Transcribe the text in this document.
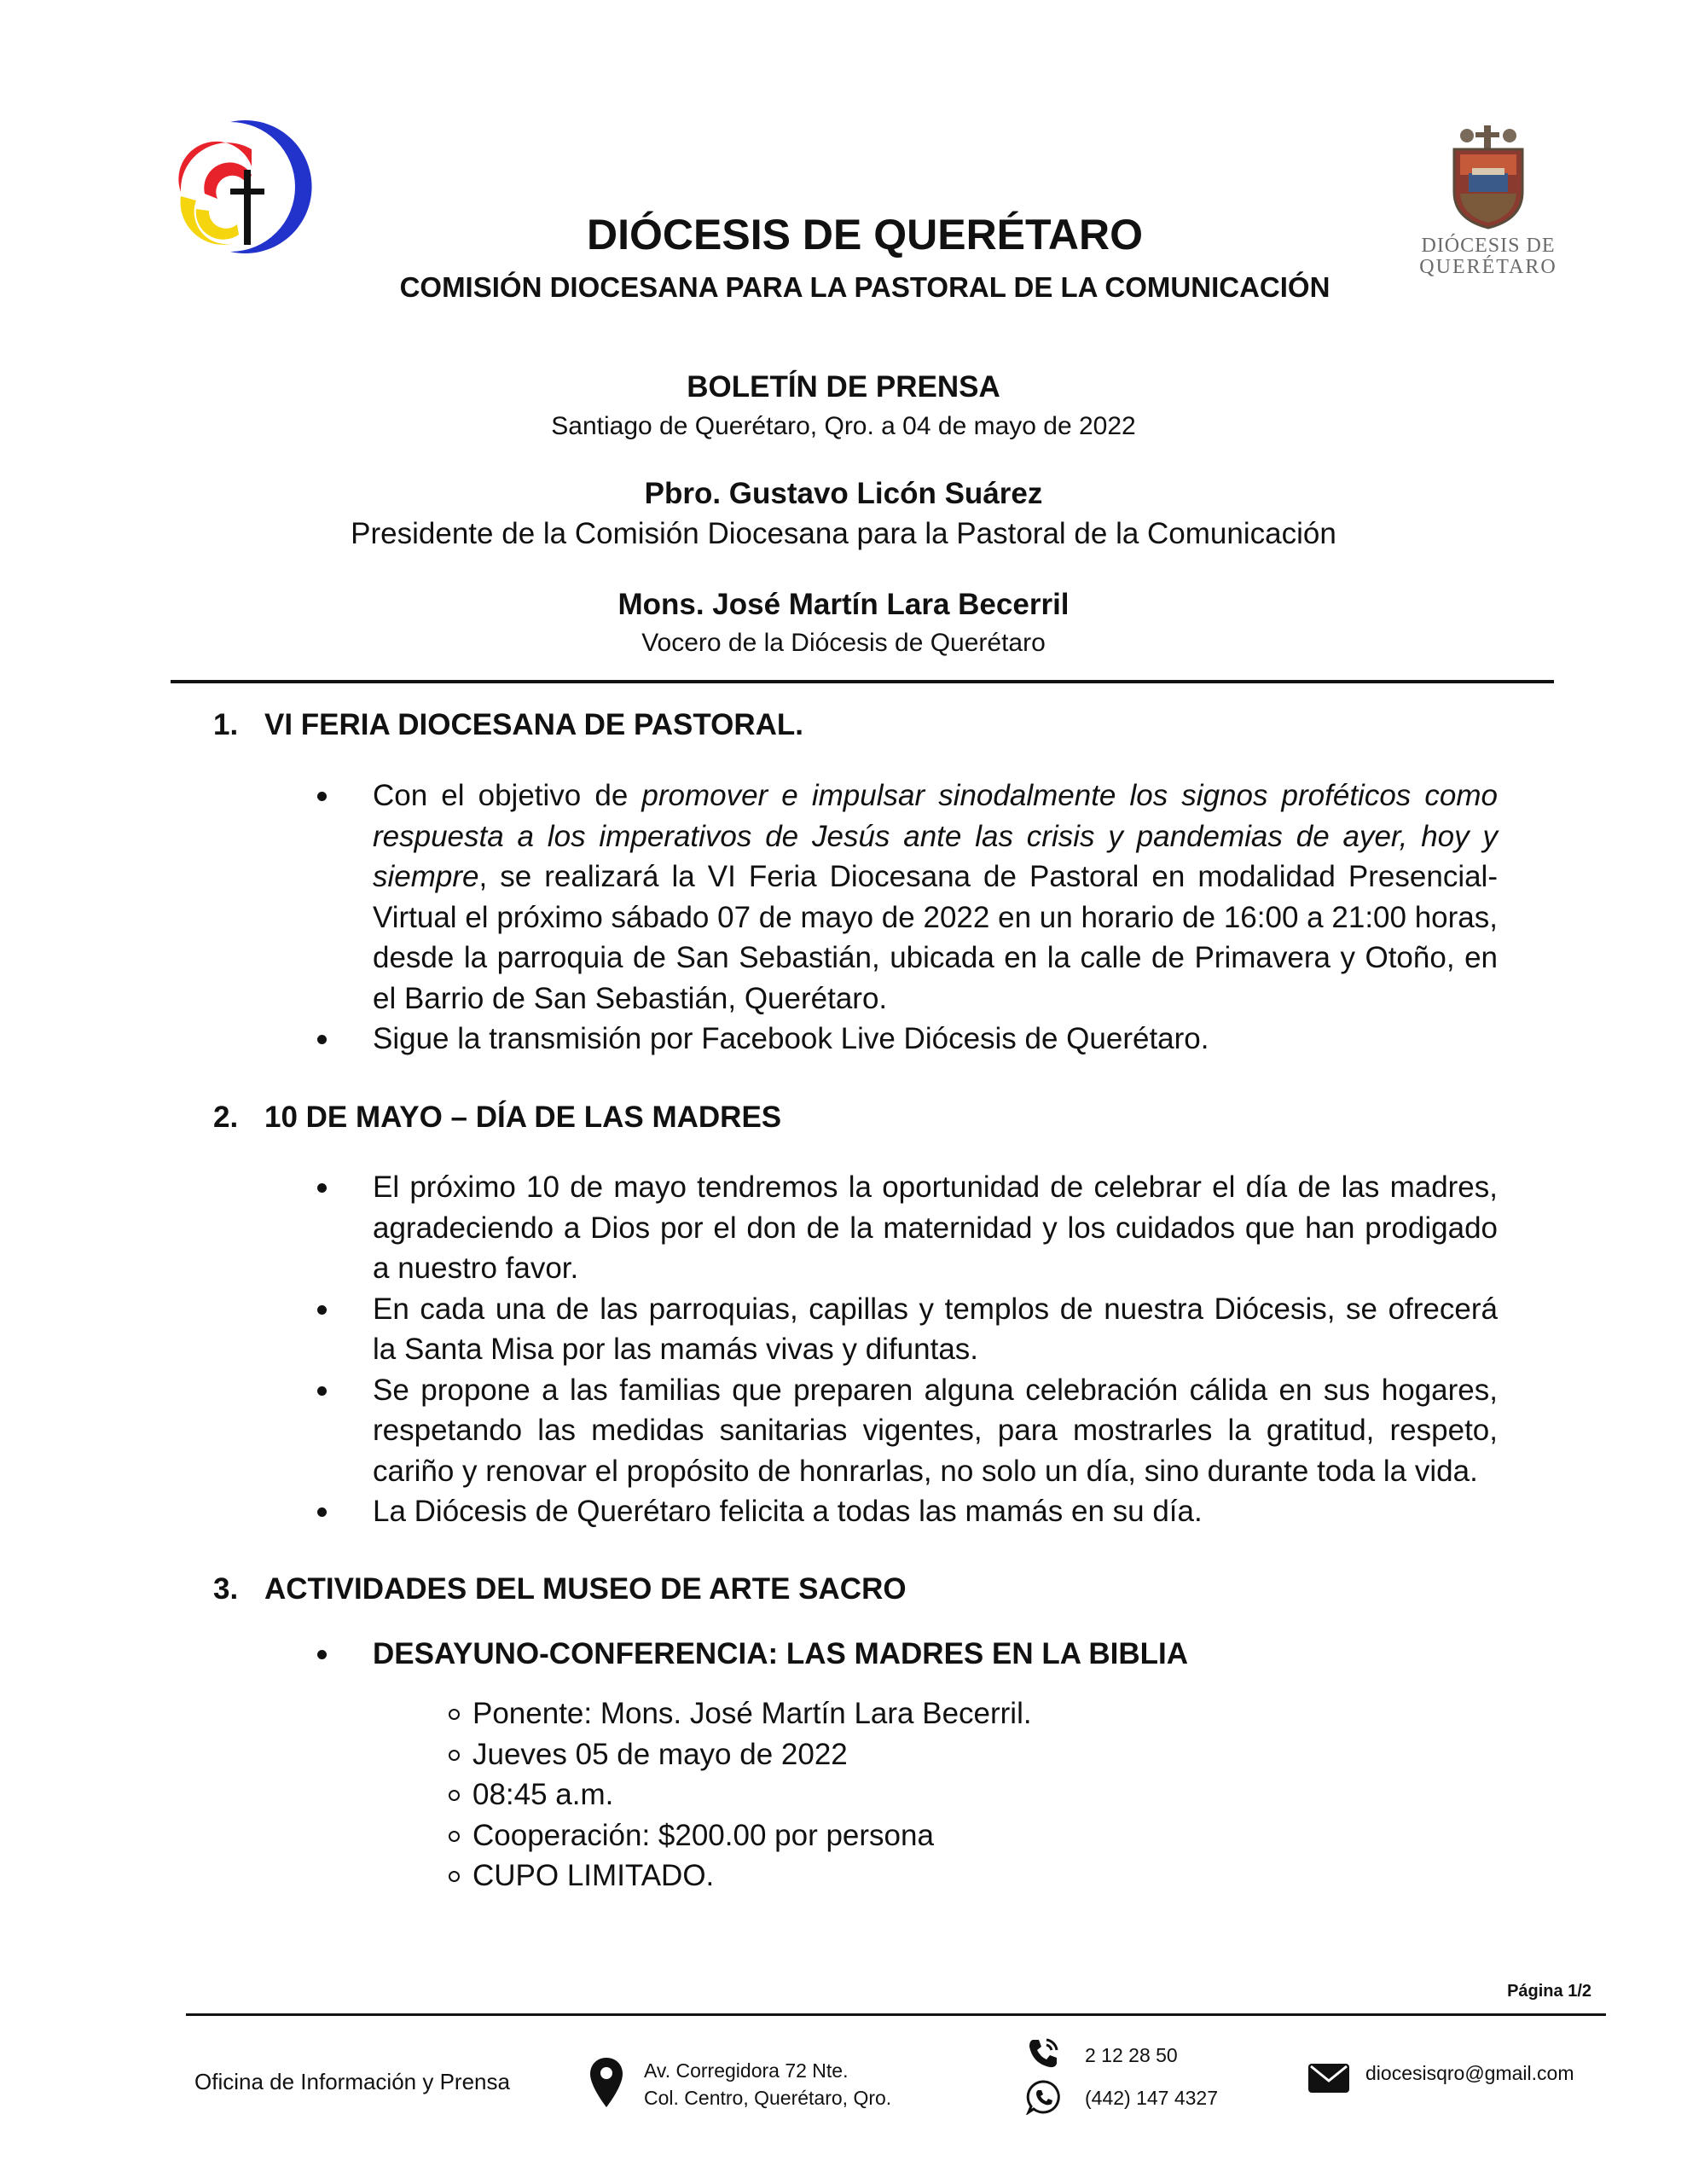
DIÓCESIS DE
QUERÉTARO
DIÓCESIS DE QUERÉTARO
COMISIÓN DIOCESANA PARA LA PASTORAL DE LA COMUNICACIÓN
BOLETÍN DE PRENSA
Santiago de Querétaro, Qro. a 04 de mayo de 2022
Pbro. Gustavo Licón Suárez
Presidente de la Comisión Diocesana para la Pastoral de la Comunicación
Mons. José Martín Lara Becerril
Vocero de la Diócesis de Querétaro
1. VI FERIA DIOCESANA DE PASTORAL.
Con el objetivo de promover e impulsar sinodalmente los signos proféticos como respuesta a los imperativos de Jesús ante las crisis y pandemias de ayer, hoy y siempre, se realizará la VI Feria Diocesana de Pastoral en modalidad Presencial-Virtual el próximo sábado 07 de mayo de 2022 en un horario de 16:00 a 21:00 horas, desde la parroquia de San Sebastián, ubicada en la calle de Primavera y Otoño, en el Barrio de San Sebastián, Querétaro.
Sigue la transmisión por Facebook Live Diócesis de Querétaro.
2. 10 DE MAYO – DÍA DE LAS MADRES
El próximo 10 de mayo tendremos la oportunidad de celebrar el día de las madres, agradeciendo a Dios por el don de la maternidad y los cuidados que han prodigado a nuestro favor.
En cada una de las parroquias, capillas y templos de nuestra Diócesis, se ofrecerá la Santa Misa por las mamás vivas y difuntas.
Se propone a las familias que preparen alguna celebración cálida en sus hogares, respetando las medidas sanitarias vigentes, para mostrarles la gratitud, respeto, cariño y renovar el propósito de honrarlas, no solo un día, sino durante toda la vida.
La Diócesis de Querétaro felicita a todas las mamás en su día.
3. ACTIVIDADES DEL MUSEO DE ARTE SACRO
DESAYUNO-CONFERENCIA: LAS MADRES EN LA BIBLIA
Ponente: Mons. José Martín Lara Becerril.
Jueves 05 de mayo de 2022
08:45 a.m.
Cooperación: $200.00 por persona
CUPO LIMITADO.
Página 1/2
Oficina de Información y Prensa	Av. Corregidora 72 Nte.
Col. Centro, Querétaro, Qro.
2 12 28 50
(442) 147 4327
diocesisqro@gmail.com
